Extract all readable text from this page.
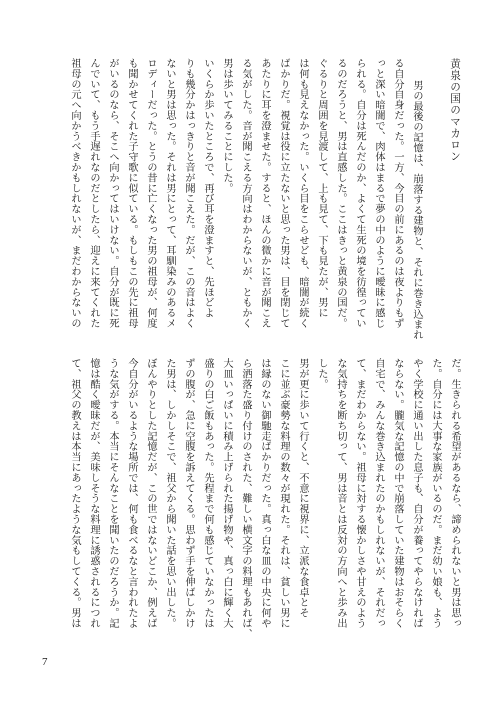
黄泉の国のマカロン
男の最後の記憶は、崩落する建物と、それに巻き込まれ
る自分自身だった。一方、今目の前にあるのは夜よりもず
っと深い暗闇で、肉体はまるで夢の中のように曖昧に感じ
られる。自分は死んだのか、よくて生死の境を彷徨ってい
るのだろうと、男は直感した。ここはきっと黄泉の国だ。
ぐるりと周囲を見渡して、上も見て、下も見たが、男に
は何も見えなかった。いくら目をこらせども、暗闇が続く
ばかりだ。視覚は役に立たないと思った男は、目を閉じて
あたりに耳を澄ませた。すると、ほんの微かに音が聞こえ
る気がした。音が聞こえる方向はわからないが、ともかく
男は歩いてみることにした。
いくらか歩いたところで、再び耳を澄ますと、先ほどよ
りも幾分かはっきりと音が聞こえた。だが、この音はよく
ないと男は思った。それは男にとって、耳馴染みのあるメ
ロディーだった。とうの昔に亡くなった男の祖母が、何度
も聞かせてくれた子守歌に似ている。もしもこの先に祖母
がいるのなら、そこへ向かってはいけない。自分が既に死
んでいて、もう手遅れなのだとしたら、迎えに来てくれた
祖母の元へ向かうべきかもしれないが、まだわからないの
だ。生きられる希望があるなら、諦められないと男は思っ
た。自分には大事な家族がいるのだ。まだ幼い娘も、よう
やく学校に通い出した息子も、自分が養ってやらなければ
ならない。朧気な記憶の中で崩落していた建物はおそらく
自宅で、みんな巻き込まれたのかもしれないが、それだっ
て、まだわからない。祖母に対する懐かしさや甘えのよう
な気持ちを断ち切って、男は音とは反対の方向へと歩み出
した。
男が更に歩いて行くと、不意に視界に、立派な食卓とそ
こに並ぶ豪勢な料理の数々が現れた。それは、貧しい男に
は縁のない御馳走ばかりだった。真っ白な皿の中央に何や
ら洒落た盛り付けのされた、難しい横文字の料理もあれば、
大皿いっぱいに積み上げられた揚げ物や、真っ白に輝く大
盛りの白ご飯もあった。先程まで何も感じていなかったは
ずの腹が、急に空腹を訴えてくる。思わず手を伸ばしかけ
た男は、しかしそこで、祖父から聞いた話を思い出した。
ぼんやりとした記憶だが、この世ではないどこか、例えば
今自分がいるような場所では、何も食べるなと言われたよ
うな気がする。本当にそんなことを聞いたのだろうか。記
憶は酷く曖昧だが、美味しそうな料理に誘惑されるにつれ
て、祖父の教えは本当にあったような気もしてくる。男は
7
